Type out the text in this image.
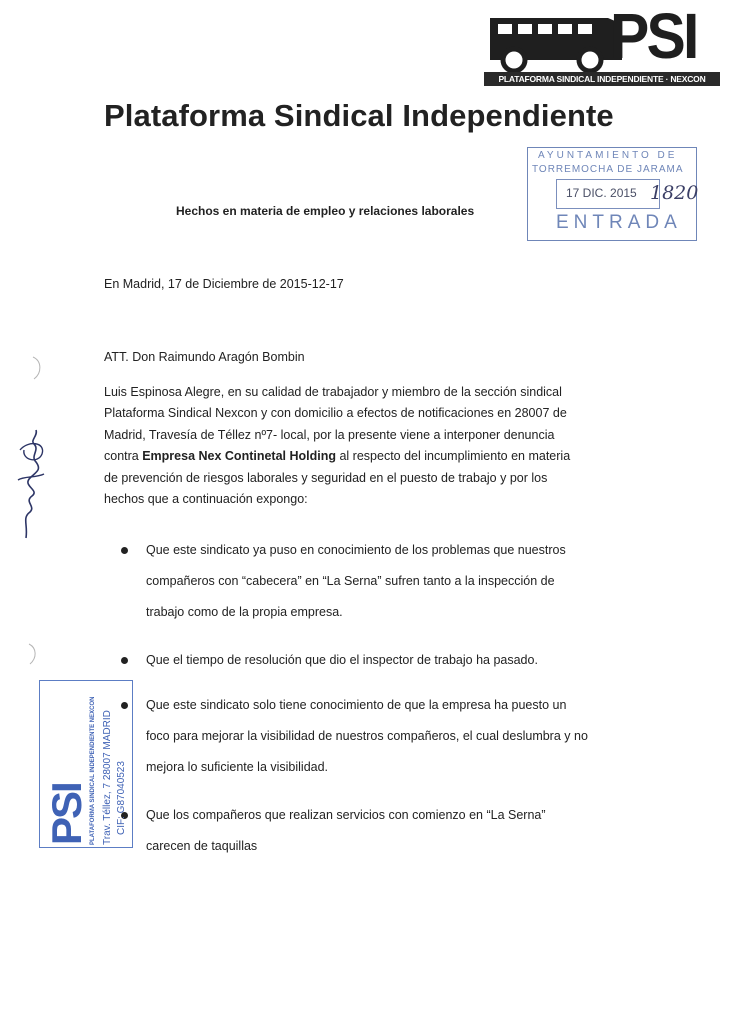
PSI
PLATAFORMA SINDICAL INDEPENDIENTE · NEXCON
Plataforma Sindical Independiente
Hechos en materia de empleo y relaciones laborales
AYUNTAMIENTO DE
TORREMOCHA DE JARAMA
17 DIC. 2015 1820
ENTRADA
En Madrid, 17 de Diciembre de 2015-12-17
ATT. Don Raimundo Aragón Bombin
Luis Espinosa Alegre, en su calidad de trabajador y miembro de la sección sindical
Plataforma Sindical Nexcon y con domicilio a efectos de notificaciones en 28007 de
Madrid, Travesía de Téllez nº7- local, por la presente viene a interponer denuncia
contra Empresa Nex Continetal Holding al respecto del incumplimiento en materia
de prevención de riesgos laborales y seguridad en el puesto de trabajo y por los
hechos que a continuación expongo:
Que este sindicato ya puso en conocimiento de los problemas que nuestros
compañeros con “cabecera” en “La Serna” sufren tanto a la inspección de
trabajo como de la propia empresa.
Que el tiempo de resolución que dio el inspector de trabajo ha pasado.
Que este sindicato solo tiene conocimiento de que la empresa ha puesto un
foco para mejorar la visibilidad de nuestros compañeros, el cual deslumbra y no
mejora lo suficiente la visibilidad.
Que los compañeros que realizan servicios con comienzo en “La Serna”
carecen de taquillas
PSI PLATAFORMA SINDICAL INDEPENDIENTE NEXCON Trav. Téllez, 7 28007 MADRID CIF: G87040523
